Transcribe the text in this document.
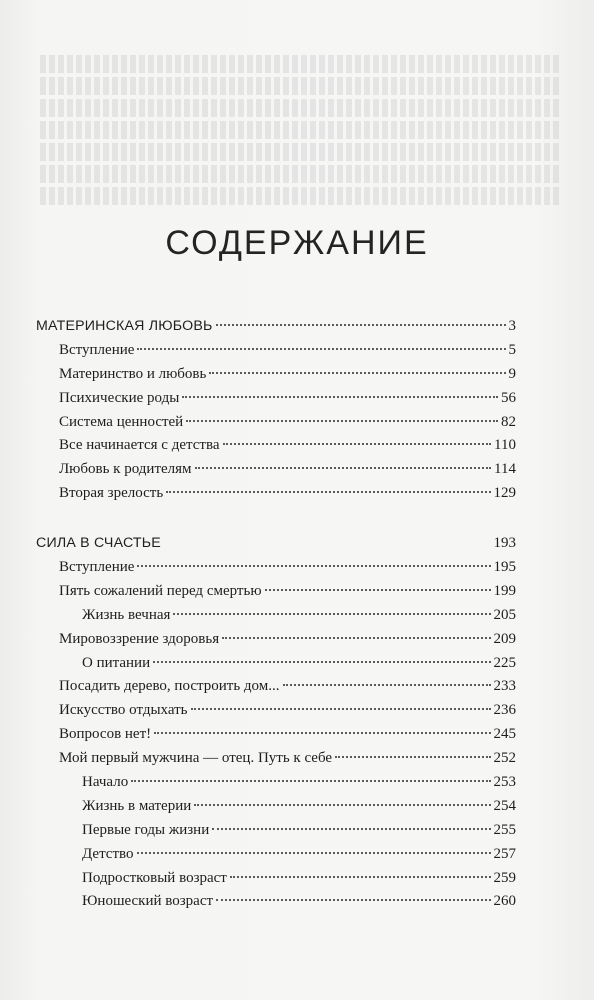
СОДЕРЖАНИЕ
МАТЕРИНСКАЯ ЛЮБОВЬ	3
Вступление	5
Материнство и любовь	9
Психические роды	56
Система ценностей	82
Все начинается с детства	110
Любовь к родителям	114
Вторая зрелость	129
СИЛА В СЧАСТЬЕ	193
Вступление	195
Пять сожалений перед смертью	199
Жизнь вечная	205
Мировоззрение здоровья	209
О питании	225
Посадить дерево, построить дом...	233
Искусство отдыхать	236
Вопросов нет!	245
Мой первый мужчина — отец. Путь к себе	252
Начало	253
Жизнь в материи	254
Первые годы жизни	255
Детство	257
Подростковый возраст	259
Юношеский возраст	260
